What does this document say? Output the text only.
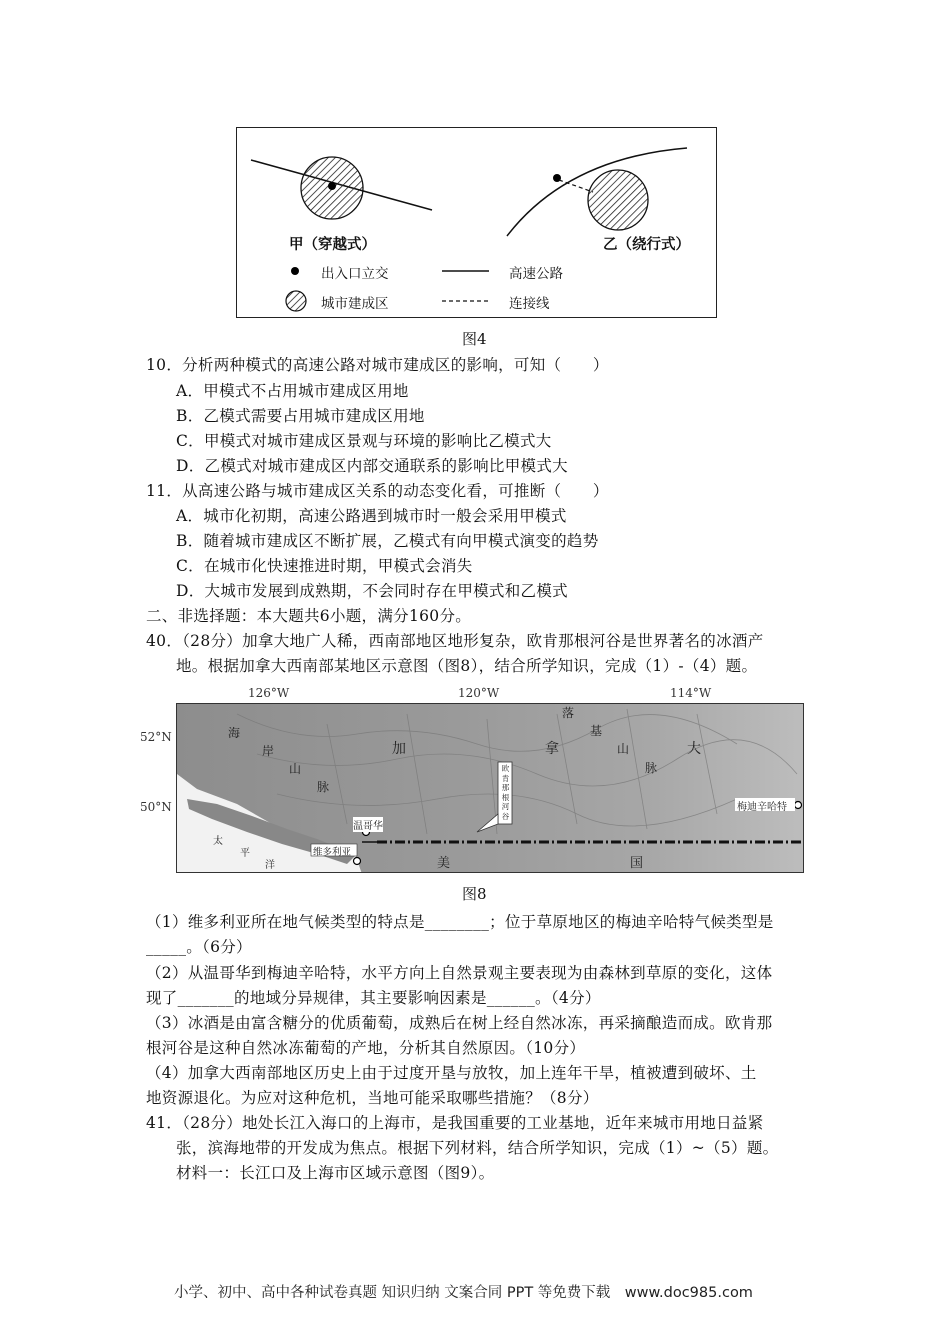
甲（穿越式）	乙（绕行式）
出入口立交	高速公路
城市建成区	连接线
图4
10．分析两种模式的高速公路对城市建成区的影响，可知（　　）
A．甲模式不占用城市建成区用地
B．乙模式需要占用城市建成区用地
C．甲模式对城市建成区景观与环境的影响比乙模式大
D．乙模式对城市建成区内部交通联系的影响比甲模式大
11．从高速公路与城市建成区关系的动态变化看，可推断（　　）
A．城市化初期，高速公路遇到城市时一般会采用甲模式
B．随着城市建成区不断扩展，乙模式有向甲模式演变的趋势
C．在城市化快速推进时期，甲模式会消失
D．大城市发展到成熟期，不会同时存在甲模式和乙模式
二、非选择题：本大题共6小题，满分160分。
40．（28分）加拿大地广人稀，西南部地区地形复杂，欧肯那根河谷是世界著名的冰酒产
地。根据加拿大西南部某地区示意图（图8），结合所学知识，完成（1）-（4）题。
126°W	120°W	114°W
52°N
50°N
海
岸
山
脉
落
基
山
脉
加	拿	大
美	国
太
平
洋
温哥华
维多利亚
梅迪辛哈特
欧肯那根河谷
图8
（1）维多利亚所在地气候类型的特点是________；位于草原地区的梅迪辛哈特气候类型是
_____。（6分）
（2）从温哥华到梅迪辛哈特，水平方向上自然景观主要表现为由森林到草原的变化，这体
现了_______的地域分异规律，其主要影响因素是______。（4分）
（3）冰酒是由富含糖分的优质葡萄，成熟后在树上经自然冰冻，再采摘酿造而成。欧肯那
根河谷是这种自然冰冻葡萄的产地，分析其自然原因。（10分）
（4）加拿大西南部地区历史上由于过度开垦与放牧，加上连年干旱，植被遭到破坏、土
地资源退化。为应对这种危机，当地可能采取哪些措施？（8分）
41．（28分）地处长江入海口的上海市，是我国重要的工业基地，近年来城市用地日益紧
张，滨海地带的开发成为焦点。根据下列材料，结合所学知识，完成（1）~（5）题。
材料一：长江口及上海市区域示意图（图9）。
小学、初中、高中各种试卷真题 知识归纳 文案合同 PPT 等免费下载　www.doc985.com
